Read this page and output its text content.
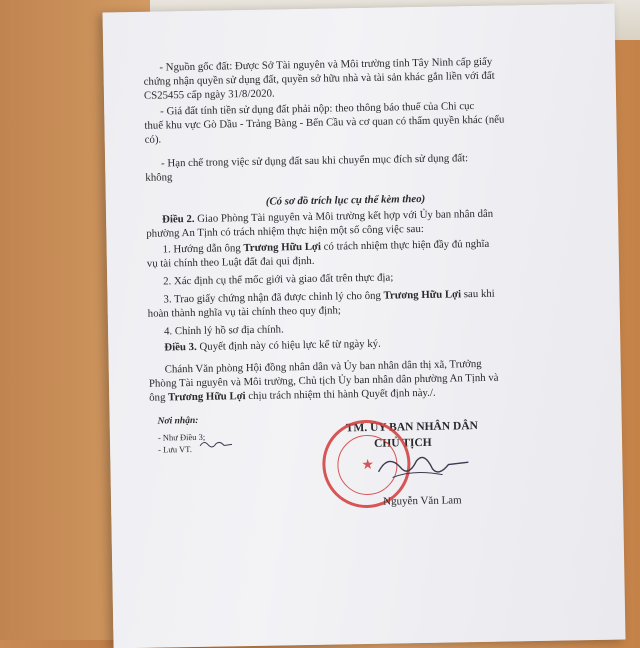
- Nguồn gốc đất: Được Sở Tài nguyên và Môi trường tỉnh Tây Ninh cấp giấy
chứng nhận quyền sử dụng đất, quyền sở hữu nhà và tài sản khác gắn liền với đất
CS25455 cấp ngày 31/8/2020.
- Giá đất tính tiền sử dụng đất phải nộp: theo thông báo thuế của Chi cục
thuế khu vực Gò Dầu - Trảng Bàng - Bến Cầu và cơ quan có thẩm quyền khác (nếu
có).
- Hạn chế trong việc sử dụng đất sau khi chuyển mục đích sử dụng đất:
không
(Có sơ đồ trích lục cụ thể kèm theo)
Điều 2. Giao Phòng Tài nguyên và Môi trường kết hợp với Ủy ban nhân dân
phường An Tịnh có trách nhiệm thực hiện một số công việc sau:
1. Hướng dẫn ông Trương Hữu Lợi có trách nhiệm thực hiện đầy đủ nghĩa
vụ tài chính theo Luật đất đai qui định.
2. Xác định cụ thể mốc giới và giao đất trên thực địa;
3. Trao giấy chứng nhận đã được chỉnh lý cho ông Trương Hữu Lợi sau khi
hoàn thành nghĩa vụ tài chính theo quy định;
4. Chỉnh lý hồ sơ địa chính.
Điều 3. Quyết định này có hiệu lực kể từ ngày ký.
Chánh Văn phòng Hội đồng nhân dân và Ủy ban nhân dân thị xã, Trưởng
Phòng Tài nguyên và Môi trường, Chủ tịch Ủy ban nhân dân phường An Tịnh và
ông Trương Hữu Lợi chịu trách nhiệm thi hành Quyết định này./.
Nơi nhận:
- Như Điều 3;
- Lưu VT.
TM. ỦY BAN NHÂN DÂN
CHỦ TỊCH
★
Nguyễn Văn Lam
